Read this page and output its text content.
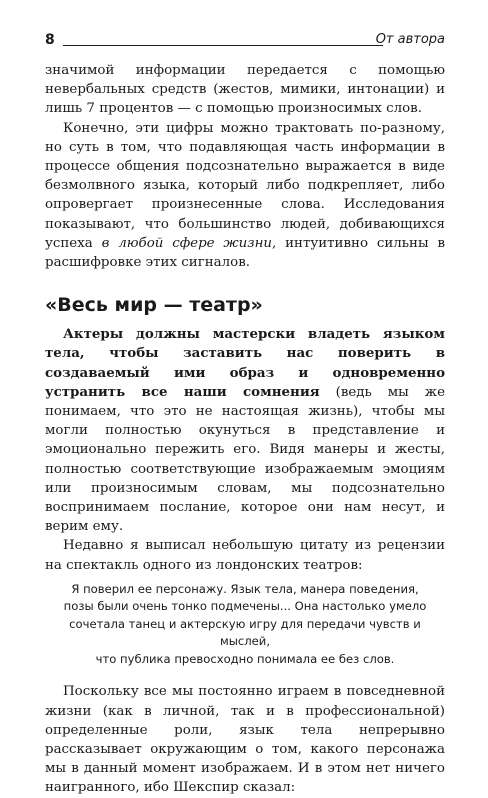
8	От автора

значимой информации передается с помощью невербальных средств (жестов, мимики, интонации) и лишь 7 процентов — с помощью произносимых слов.

Конечно, эти цифры можно трактовать по-разному, но суть в том, что подавляющая часть информации в процессе общения подсознательно выражается в виде безмолвного языка, который либо подкрепляет, либо опровергает произнесенные слова. Исследования показывают, что большинство людей, добивающихся успеха в любой сфере жизни, интуитивно сильны в расшифровке этих сигналов.

«Весь мир — театр»

Актеры должны мастерски владеть языком тела, чтобы заставить нас поверить в создаваемый ими образ и одновременно устранить все наши сомнения (ведь мы же понимаем, что это не настоящая жизнь), чтобы мы могли полностью окунуться в представление и эмоционально пережить его. Видя манеры и жесты, полностью соответствующие изображаемым эмоциям или произносимым словам, мы подсознательно воспринимаем послание, которое они нам несут, и верим ему.

Недавно я выписал небольшую цитату из рецензии на спектакль одного из лондонских театров:

Я поверил ее персонажу. Язык тела, манера поведения,
позы были очень тонко подмечены... Она настолько умело
сочетала танец и актерскую игру для передачи чувств и мыслей,
что публика превосходно понимала ее без слов.

Поскольку все мы постоянно играем в повседневной жизни (как в личной, так и в профессиональной) определенные роли, язык тела непрерывно рассказывает окружающим о том, какого персонажа мы в данный момент изображаем. И в этом нет ничего наигранного, ибо Шекспир сказал:
